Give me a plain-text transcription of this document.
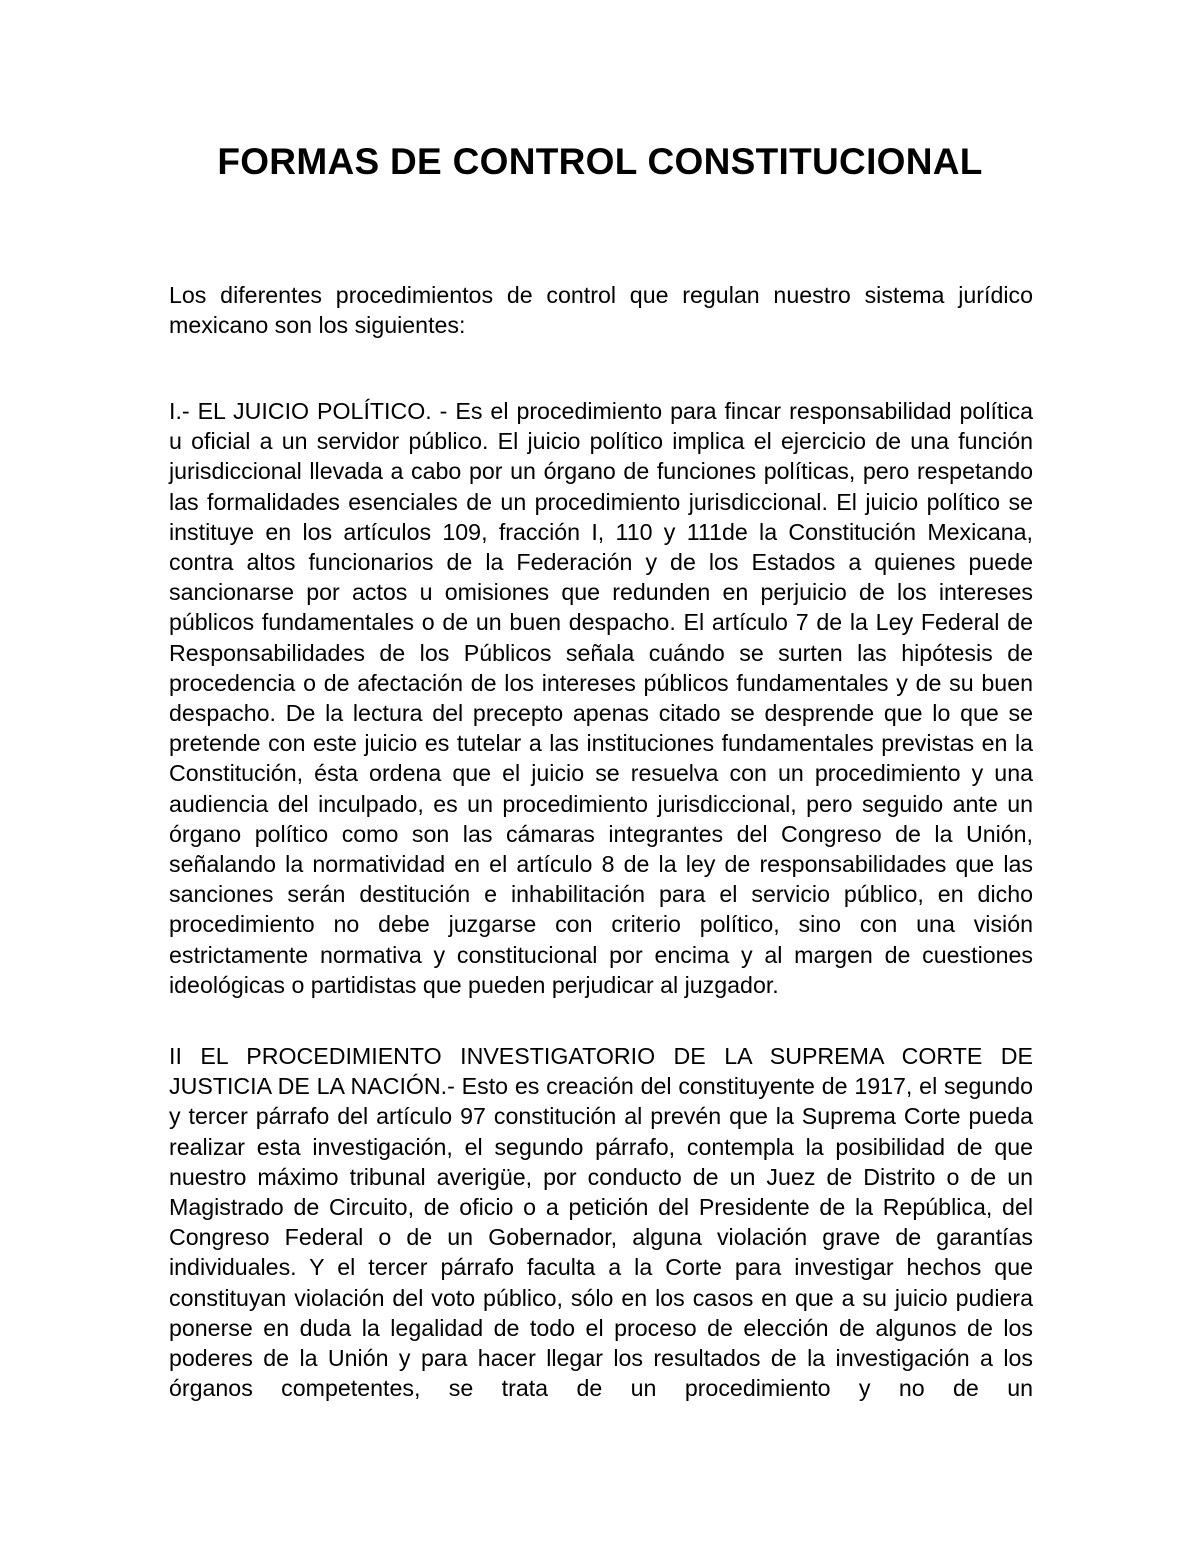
FORMAS DE CONTROL CONSTITUCIONAL

Los diferentes procedimientos de control que regulan nuestro sistema jurídico mexicano son los siguientes:

I.- EL JUICIO POLÍTICO. - Es el procedimiento para fincar responsabilidad política u oficial a un servidor público. El juicio político implica el ejercicio de una función jurisdiccional llevada a cabo por un órgano de funciones políticas, pero respetando las formalidades esenciales de un procedimiento jurisdiccional. El juicio político se instituye en los artículos 109, fracción I, 110 y 111de la Constitución Mexicana, contra altos funcionarios de la Federación y de los Estados a quienes puede sancionarse por actos u omisiones que redunden en perjuicio de los intereses públicos fundamentales o de un buen despacho. El artículo 7 de la Ley Federal de Responsabilidades de los Públicos señala cuándo se surten las hipótesis de procedencia o de afectación de los intereses públicos fundamentales y de su buen despacho. De la lectura del precepto apenas citado se desprende que lo que se pretende con este juicio es tutelar a las instituciones fundamentales previstas en la Constitución, ésta ordena que el juicio se resuelva con un procedimiento y una audiencia del inculpado, es un procedimiento jurisdiccional, pero seguido ante un órgano político como son las cámaras integrantes del Congreso de la Unión, señalando la normatividad en el artículo 8 de la ley de responsabilidades que las sanciones serán destitución e inhabilitación para el servicio público, en dicho procedimiento no debe juzgarse con criterio político, sino con una visión estrictamente normativa y constitucional por encima y al margen de cuestiones ideológicas o partidistas que pueden perjudicar al juzgador.

II EL PROCEDIMIENTO INVESTIGATORIO DE LA SUPREMA CORTE DE JUSTICIA DE LA NACIÓN.- Esto es creación del constituyente de 1917, el segundo y tercer párrafo del artículo 97 constitución al prevén que la Suprema Corte pueda realizar esta investigación, el segundo párrafo, contempla la posibilidad de que nuestro máximo tribunal averigüe, por conducto de un Juez de Distrito o de un Magistrado de Circuito, de oficio o a petición del Presidente de la República, del Congreso Federal o de un Gobernador, alguna violación grave de garantías individuales. Y el tercer párrafo faculta a la Corte para investigar hechos que constituyan violación del voto público, sólo en los casos en que a su juicio pudiera ponerse en duda la legalidad de todo el proceso de elección de algunos de los poderes de la Unión y para hacer llegar los resultados de la investigación a los órganos competentes, se trata de un procedimiento y no de un
